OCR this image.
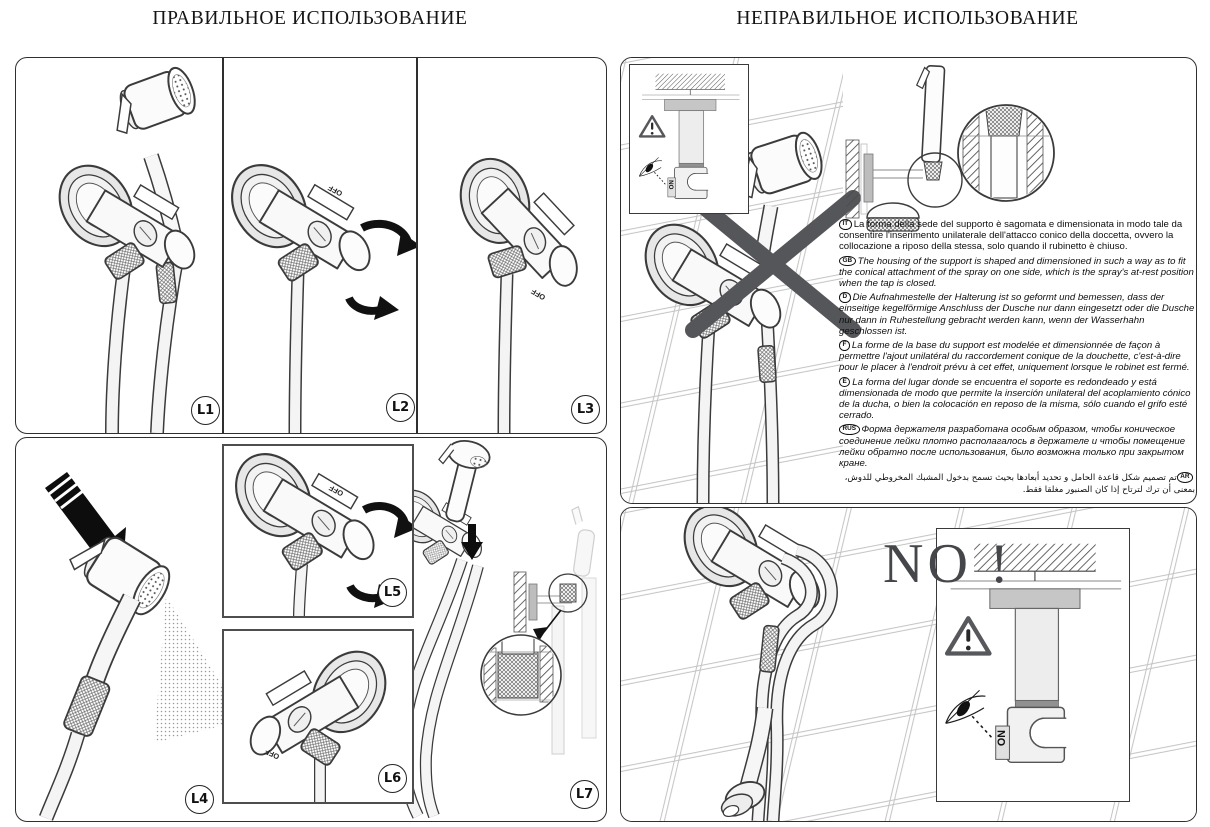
ПРАВИЛЬНОЕ ИСПОЛЬЗОВАНИЕ	НЕПРАВИЛЬНОЕ ИСПОЛЬЗОВАНИЕ
OFF
OFF
L1	L2	L3
OFF
OFF
L4
L5
L6
L7

IT La forma della sede del supporto è sagomata e dimensionata in modo tale da consentire l'inserimento unilaterale dell'attacco conico della doccetta, ovvero la collocazione a riposo della stessa, solo quando il rubinetto è chiuso.

GB The housing of the support is shaped and dimensioned in such a way as to fit the conical attachment of the spray on one side, which is the spray's at-rest position when the tap is closed.

D Die Aufnahmestelle der Halterung ist so geformt und bemessen, dass der einseitige kegelförmige Anschluss der Dusche nur dann eingesetzt oder die Dusche nur dann in Ruhestellung gebracht werden kann, wenn der Wasserhahn geschlossen ist.

F La forme de la base du support est modelée et dimensionnée de façon à permettre l'ajout unilatéral du raccordement conique de la douchette, c'est-à-dire pour le placer à l'endroit prévu à cet effet, uniquement lorsque le robinet est fermé.

E La forma del lugar donde se encuentra el soporte es redondeado y está dimensionada de modo que permite la inserción unilateral del acoplamiento cónico de la ducha, o bien la colocación en reposo de la misma, sólo cuando el grifo esté cerrado.

RUS Форма держателя разработана особым образом, чтобы коническое соединение лейки плотно располагалось в держателе и чтобы помещение лейки обратно после использования, было возможна только при закрытом кране.

ARتم تصميم شكل قاعدة الحامل و تحديد أبعادها بحيث تسمح بدخول المشبك المخروطي للدوش، بمعنى أن ترك لترتاح إذا كان الصنبور مغلقا فقط.

NO !
